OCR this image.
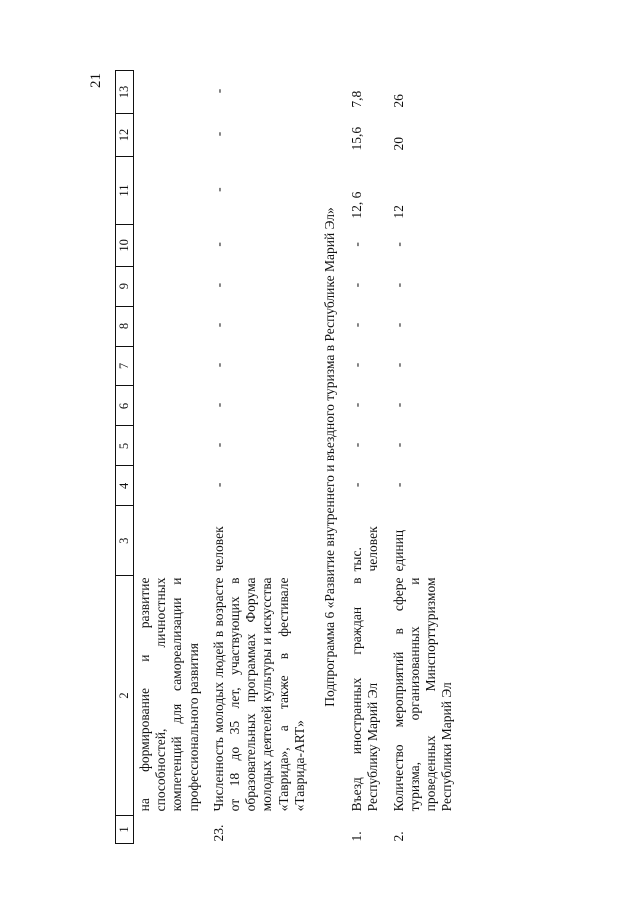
21
1	2	3	4	5	6	7	8	9	10	11	12	13
	на формирование и развитие способностей, личностных компетенций для самореализации и профессионального развития											
23.	Численность молодых людей в возрасте от 18 до 35 лет, участвующих в образовательных программах Форума молодых деятелей культуры и искусства «Таврида», а также в фестивале «Таврида-ART»	человек	-	-	-	-	-	-	-	-	-	-
Подпрограмма 6 «Развитие внутреннего и въездного туризма в Республике Марий Эл»												
1.	Въезд иностранных граждан в Республику Марий Эл	тыс. человек	-	-	-	-	-	-	-	12, 6	15,6	7,8
2.	Количество мероприятий в сфере туризма, организованных и проведенных Минспорттуризмом Республики Марий Эл	единиц	-	-	-	-	-	-	-	12	20	26
